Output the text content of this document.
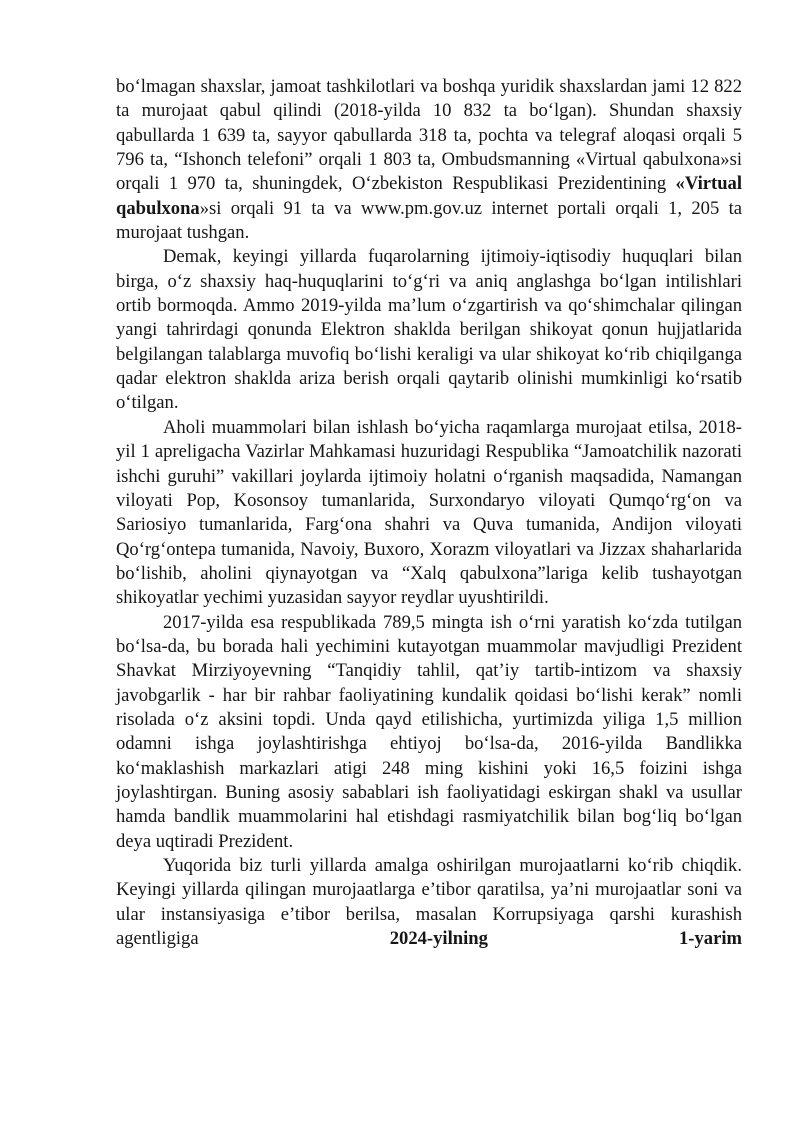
bo‘lmagan shaxslar, jamoat tashkilotlari va boshqa yuridik shaxslardan jami 12 822 ta murojaat qabul qilindi (2018-yilda 10 832 ta bo‘lgan). Shundan shaxsiy qabullarda 1 639 ta, sayyor qabullarda 318 ta, pochta va telegraf aloqasi orqali 5 796 ta, “Ishonch telefoni” orqali 1 803 ta, Ombudsmanning «Virtual qabulxona»si orqali 1 970 ta, shuningdek, O‘zbekiston Respublikasi Prezidentining «Virtual qabulxona»si orqali 91 ta va www.pm.gov.uz internet portali orqali 1, 205 ta murojaat tushgan.

Demak, keyingi yillarda fuqarolarning ijtimoiy-iqtisodiy huquqlari bilan birga, o‘z shaxsiy haq-huquqlarini to‘g‘ri va aniq anglashga bo‘lgan intilishlari ortib bormoqda. Ammo 2019-yilda ma’lum o‘zgartirish va qo‘shimchalar qilingan yangi tahrirdagi qonunda Elektron shaklda berilgan shikoyat qonun hujjatlarida belgilangan talablarga muvofiq bo‘lishi keraligi va ular shikoyat ko‘rib chiqilganga qadar elektron shaklda ariza berish orqali qaytarib olinishi mumkinligi ko‘rsatib o‘tilgan.

Aholi muammolari bilan ishlash bo‘yicha raqamlarga murojaat etilsa, 2018-yil 1 apreligacha Vazirlar Mahkamasi huzuridagi Respublika “Jamoatchilik nazorati ishchi guruhi” vakillari joylarda ijtimoiy holatni o‘rganish maqsadida, Namangan viloyati Pop, Kosonsoy tumanlarida, Surxondaryo viloyati Qumqo‘rg‘on va Sariosiyo tumanlarida, Farg‘ona shahri va Quva tumanida, Andijon viloyati Qo‘rg‘ontepa tumanida, Navoiy, Buxoro, Xorazm viloyatlari va Jizzax shaharlarida bo‘lishib, aholini qiynayotgan va “Xalq qabulxona”lariga kelib tushayotgan shikoyatlar yechimi yuzasidan sayyor reydlar uyushtirildi.

2017-yilda esa respublikada 789,5 mingta ish o‘rni yaratish ko‘zda tutilgan bo‘lsa-da, bu borada hali yechimini kutayotgan muammolar mavjudligi Prezident Shavkat Mirziyoyevning “Tanqidiy tahlil, qat’iy tartib-intizom va shaxsiy javobgarlik - har bir rahbar faoliyatining kundalik qoidasi bo‘lishi kerak” nomli risolada o‘z aksini topdi. Unda qayd etilishicha, yurtimizda yiliga 1,5 million odamni ishga joylashtirishga ehtiyoj bo‘lsa-da, 2016-yilda Bandlikka ko‘maklashish markazlari atigi 248 ming kishini yoki 16,5 foizini ishga joylashtirgan. Buning asosiy sabablari ish faoliyatidagi eskirgan shakl va usullar hamda bandlik muammolarini hal etishdagi rasmiyatchilik bilan bog‘liq bo‘lgan deya uqtiradi Prezident.

Yuqorida biz turli yillarda amalga oshirilgan murojaatlarni ko‘rib chiqdik. Keyingi yillarda qilingan murojaatlarga e’tibor qaratilsa, ya’ni murojaatlar soni va ular instansiyasiga e’tibor berilsa, masalan Korrupsiyaga qarshi kurashish agentligiga 2024-yilning 1-yarim
